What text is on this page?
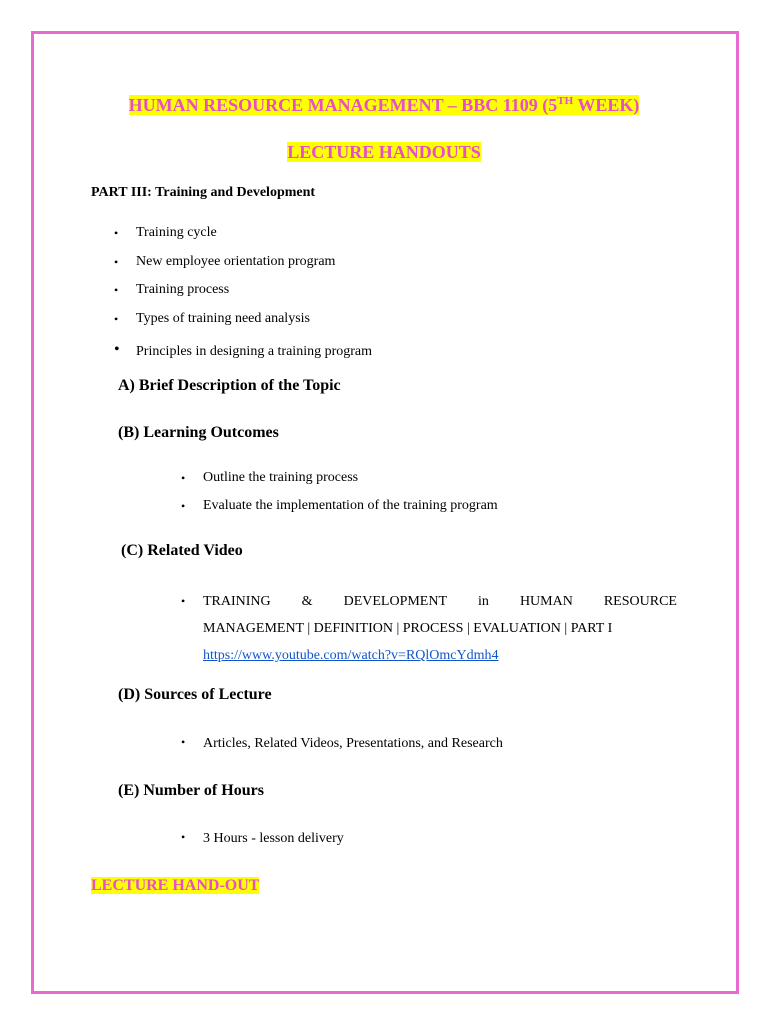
HUMAN RESOURCE MANAGEMENT – BBC 1109 (5TH WEEK)
LECTURE HANDOUTS
PART III: Training and Development
• Training cycle
• New employee orientation program
• Training process
• Types of training need analysis
• Principles in designing a training program
A) Brief Description of the Topic
(B) Learning Outcomes
• Outline the training process
• Evaluate the implementation of the training program
(C) Related Video
• TRAINING & DEVELOPMENT in HUMAN RESOURCE
MANAGEMENT | DEFINITION | PROCESS | EVALUATION | PART I
https://www.youtube.com/watch?v=RQlOmcYdmh4
(D) Sources of Lecture
• Articles, Related Videos, Presentations, and Research
(E) Number of Hours
• 3 Hours - lesson delivery
LECTURE HAND-OUT
